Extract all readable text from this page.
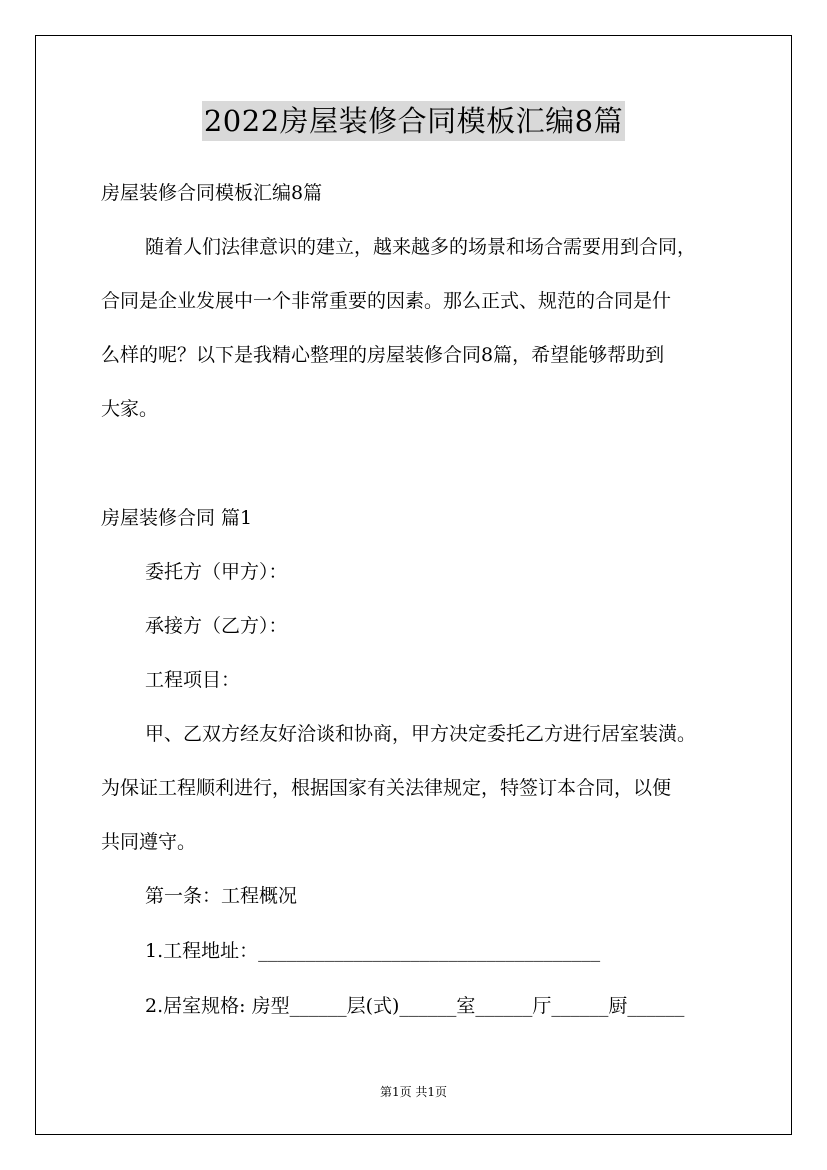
2022房屋装修合同模板汇编8篇
房屋装修合同模板汇编8篇
随着人们法律意识的建立，越来越多的场景和场合需要用到合同，
合同是企业发展中一个非常重要的因素。那么正式、规范的合同是什
么样的呢？以下是我精心整理的房屋装修合同8篇，希望能够帮助到
大家。
房屋装修合同 篇1
委托方（甲方）：
承接方（乙方）：
工程项目：
甲、乙双方经友好洽谈和协商，甲方决定委托乙方进行居室装潢。
为保证工程顺利进行，根据国家有关法律规定，特签订本合同，以便
共同遵守。
第一条：工程概况
1.工程地址：____________________________________
2.居室规格: 房型______层(式)______室______厅______厨______
第1页 共1页
